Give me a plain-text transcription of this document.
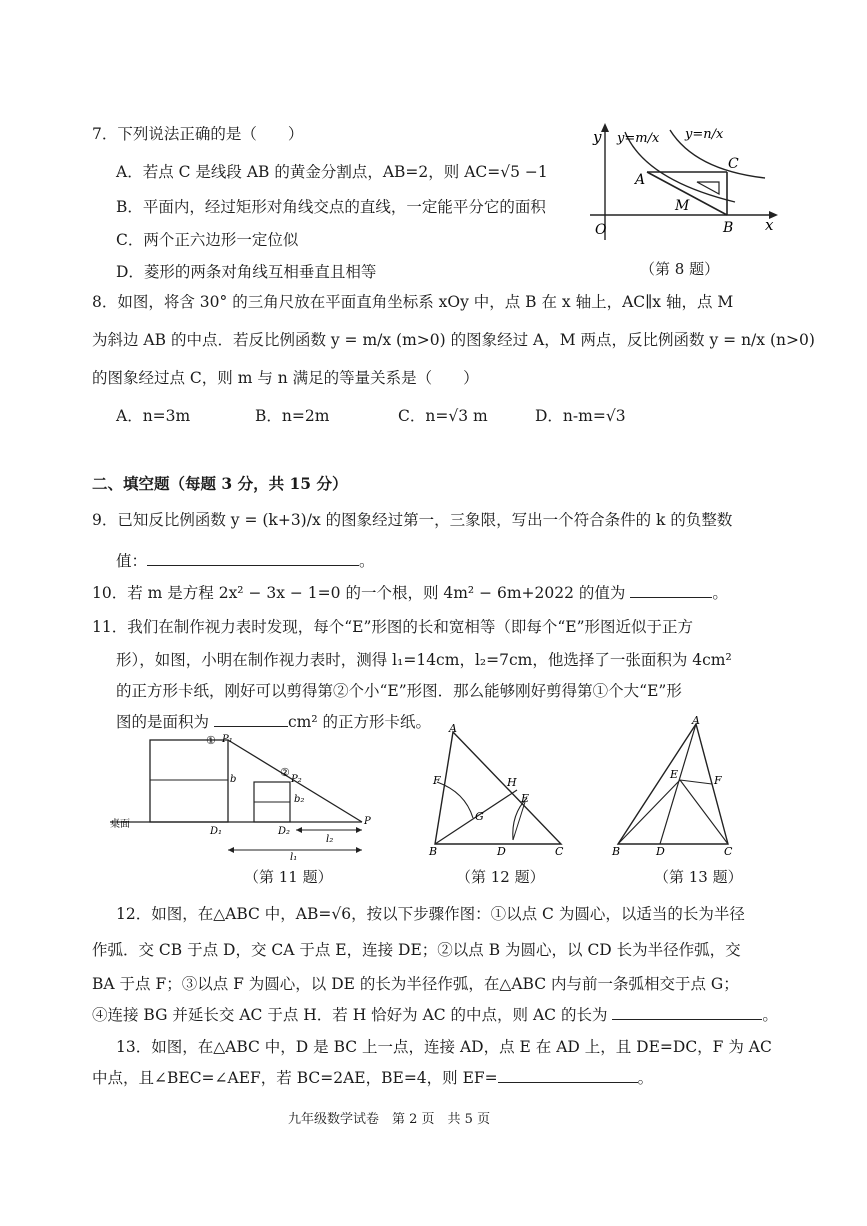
7．下列说法正确的是（　　）
A．若点 C 是线段 AB 的黄金分割点，AB=2，则 AC=√5 −1
B．平面内，经过矩形对角线交点的直线，一定能平分它的面积
C．两个正六边形一定位似
D．菱形的两条对角线互相垂直且相等
y y=m/x y=n/x
C
A
M
O	B x
（第 8 题）
8．如图，将含 30° 的三角尺放在平面直角坐标系 xOy 中，点 B 在 x 轴上，AC∥x 轴，点 M
为斜边 AB 的中点．若反比例函数 y = m/x (m>0) 的图象经过 A，M 两点，反比例函数 y = n/x (n>0)
的图象经过点 C，则 m 与 n 满足的等量关系是（　　）
A．n=3m	B．n=2m	C．n=√3 m	D．n-m=√3
二、填空题（每题 3 分，共 15 分）
9．已知反比例函数 y = (k+3)/x 的图象经过第一，三象限，写出一个符合条件的 k 的负整数
值：	。
10．若 m 是方程 2x² − 3x − 1=0 的一个根，则 4m² − 6m+2022 的值为	。
11．我们在制作视力表时发现，每个“E”形图的长和宽相等（即每个“E”形图近似于正方
形），如图，小明在制作视力表时，测得 l₁=14cm，l₂=7cm，他选择了一张面积为 4cm²
的正方形卡纸，刚好可以剪得第②个小“E”形图．那么能够刚好剪得第①个大“E”形
图的是面积为	cm² 的正方形卡纸。
① P₁
②
P₂
b
b₂
桌面
D₁	D₂
P
l₂
l₁
（第 11 题）
A
F	H
E
G
B	D	C
（第 12 题）
A
E	F
B	D	C
（第 13 题）
12．如图，在△ABC 中，AB=√6，按以下步骤作图：①以点 C 为圆心，以适当的长为半径
作弧．交 CB 于点 D，交 CA 于点 E，连接 DE；②以点 B 为圆心，以 CD 长为半径作弧，交
BA 于点 F；③以点 F 为圆心，以 DE 的长为半径作弧，在△ABC 内与前一条弧相交于点 G；
④连接 BG 并延长交 AC 于点 H．若 H 恰好为 AC 的中点，则 AC 的长为	。
13．如图，在△ABC 中，D 是 BC 上一点，连接 AD，点 E 在 AD 上，且 DE=DC，F 为 AC
中点，且∠BEC=∠AEF，若 BC=2AE，BE=4，则 EF=	。
九年级数学试卷　第 2 页　共 5 页
